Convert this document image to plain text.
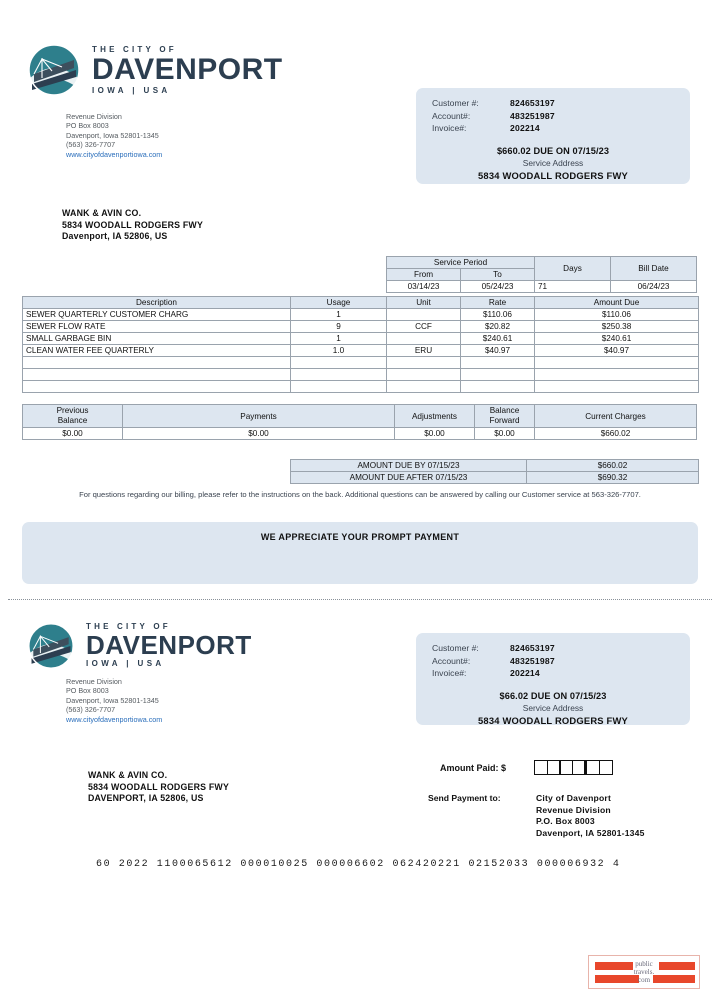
THE CITY OF
DAVENPORT
IOWA | USA
Revenue Division
PO Box 8003
Davenport, Iowa 52801-1345
(563) 326-7707
www.cityofdavenportiowa.com
Customer #:	824653197
Account#:	483251987
Invoice#:	202214
$660.02 DUE ON 07/15/23
Service Address
5834 WOODALL RODGERS FWY
WANK & AVIN CO.
5834 WOODALL RODGERS FWY
Davenport, IA 52806, US
Service Period		Days	Bill Date
From	To		
03/14/23	05/24/23	71	06/24/23
Description	Usage	Unit	Rate	Amount Due
SEWER QUARTERLY CUSTOMER CHARG	1		$110.06	$110.06
SEWER FLOW RATE	9	CCF	$20.82	$250.38
SMALL GARBAGE BIN	1		$240.61	$240.61
CLEAN WATER FEE QUARTERLY	1.0	ERU	$40.97	$40.97

Previous
Balance	Payments	Adjustments	Balance
Forward	Current Charges
$0.00	$0.00	$0.00	$0.00	$660.02

AMOUNT DUE BY 07/15/23	$660.02
AMOUNT DUE AFTER 07/15/23	$690.32
For questions regarding our billing, please refer to the instructions on the back. Additional questions can be answered by calling our Customer service at 563-326-7707.
WE APPRECIATE YOUR PROMPT PAYMENT
THE CITY OF
DAVENPORT
IOWA | USA
Revenue Division
PO Box 8003
Davenport, Iowa 52801-1345
(563) 326-7707
www.cityofdavenportiowa.com
Customer #:	824653197
Account#:	483251987
Invoice#:	202214
$66.02 DUE ON 07/15/23
Service Address
5834 WOODALL RODGERS FWY
WANK & AVIN CO.
5834 WOODALL RODGERS FWY
DAVENPORT, IA 52806, US
Amount Paid: $
Send Payment to:	City of Davenport
Revenue Division
P.O. Box 8003
Davenport, IA 52801-1345
60 2022 1100065612 000010025 000006602 062420221 02152033 000006932 4
public
travels.
com
